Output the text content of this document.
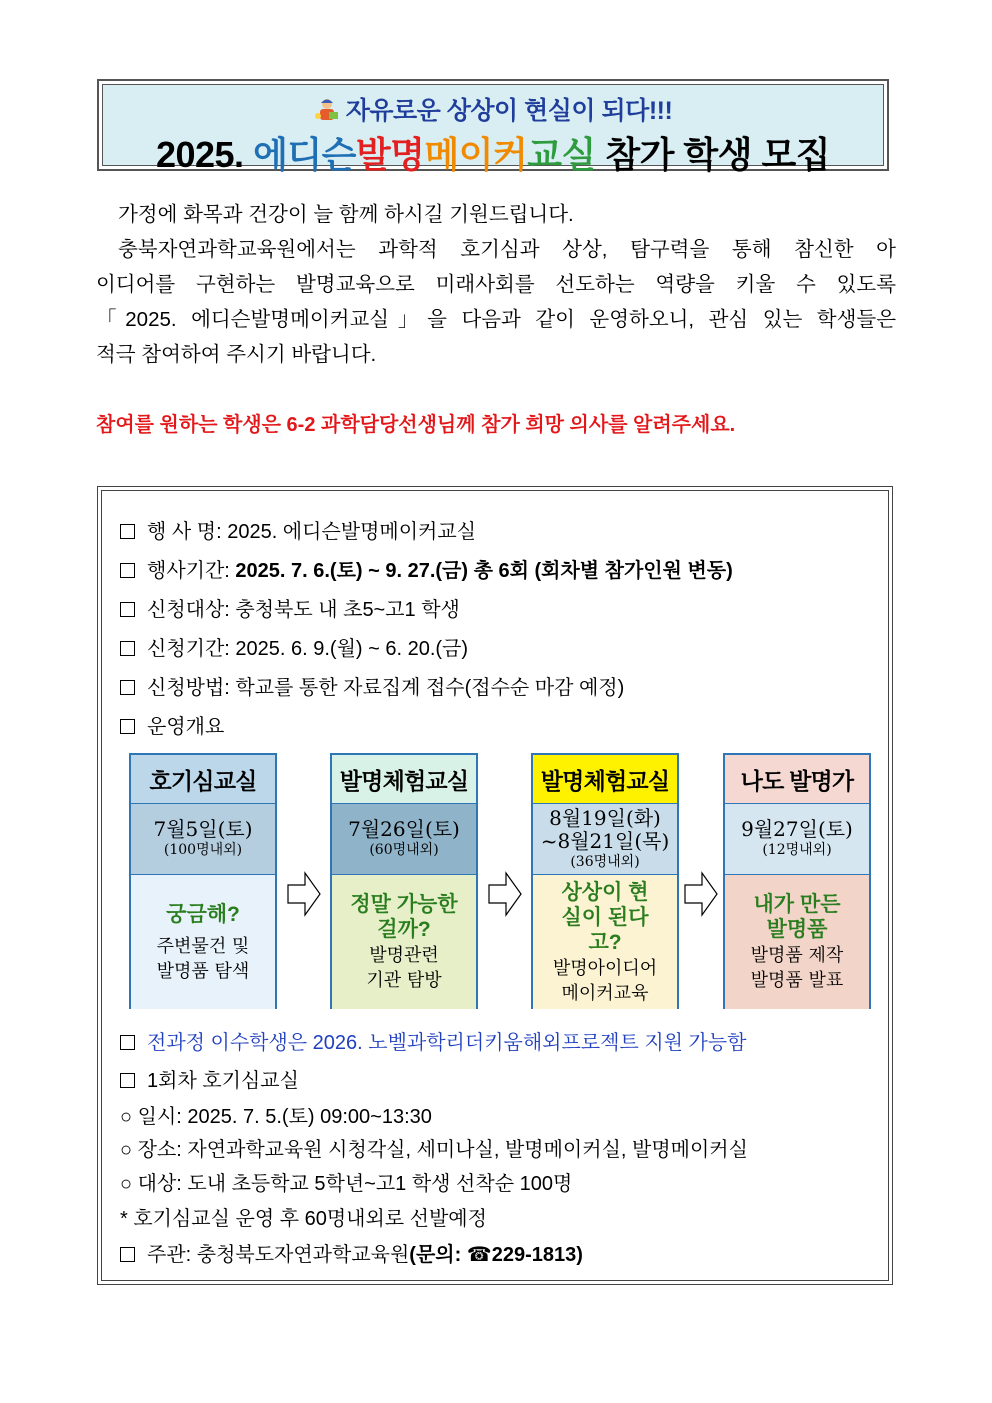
자유로운 상상이 현실이 되다!!!
2025. 에디슨발명메이커교실 참가 학생 모집
가정에 화목과 건강이 늘 함께 하시길 기원드립니다.
충북자연과학교육원에서는 과학적 호기심과 상상, 탐구력을 통해 참신한 아
이디어를 구현하는 발명교육으로 미래사회를 선도하는 역량을 키울 수 있도록
「2025. 에디슨발명메이커교실」을 다음과 같이 운영하오니, 관심 있는 학생들은
적극 참여하여 주시기 바랍니다.
참여를 원하는 학생은 6-2 과학담당선생님께 참가 희망 의사를 알려주세요.
행 사 명: 2025. 에디슨발명메이커교실
행사기간: 2025. 7. 6.(토) ~ 9. 27.(금) 총 6회 (회차별 참가인원 변동)
신청대상: 충청북도 내 초5~고1 학생
신청기간: 2025. 6. 9.(월) ~ 6. 20.(금)
신청방법: 학교를 통한 자료집계 접수(접수순 마감 예정)
운영개요
호기심교실
7월5일(토)
(100명내외)
궁금해?
주변물건 및
발명품 탐색
발명체험교실
7월26일(토)
(60명내외)
정말 가능한 걸까?
발명관련
기관 탐방
발명체험교실
8월19일(화)
~8월21일(목)
(36명내외)
상상이 현실이 된다고?
발명아이디어
메이커교육
나도 발명가
9월27일(토)
(12명내외)
내가 만든 발명품
발명품 제작
발명품 발표
전과정 이수학생은 2026. 노벨과학리더키움해외프로젝트 지원 가능함
1회차 호기심교실
○ 일시: 2025. 7. 5.(토) 09:00~13:30
○ 장소: 자연과학교육원 시청각실, 세미나실, 발명메이커실, 발명메이커실
○ 대상: 도내 초등학교 5학년~고1 학생 선착순 100명
* 호기심교실 운영 후 60명내외로 선발예정
주관: 충청북도자연과학교육원(문의: ☎229-1813)
